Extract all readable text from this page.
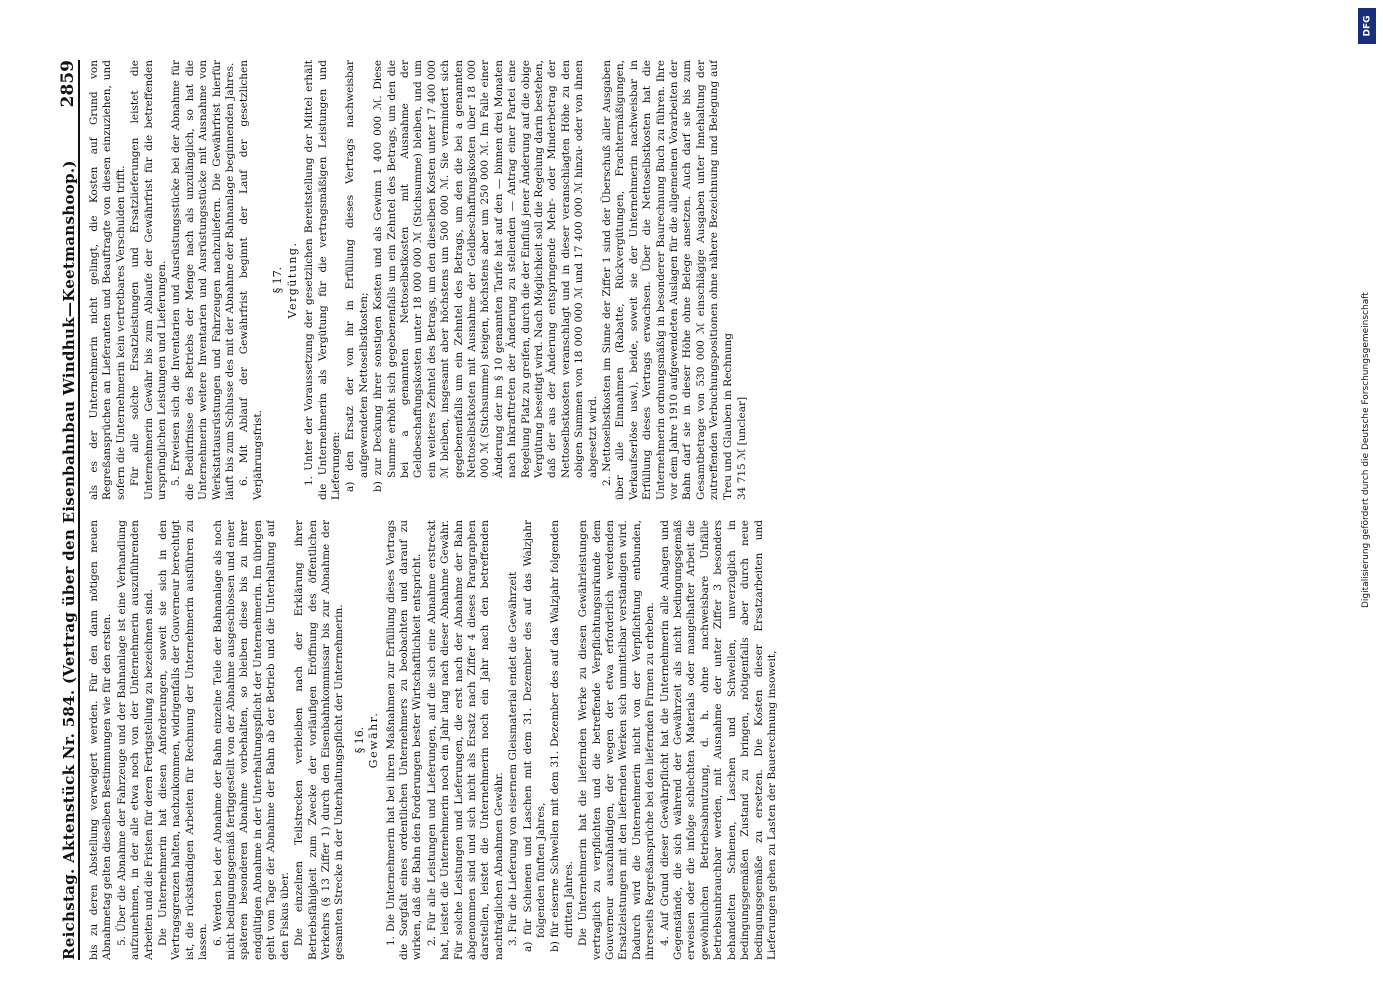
Reichstag. Aktenstück Nr. 584. (Vertrag über den Eisenbahnbau Windhuk—Keetmanshoop.)
2859

bis zu deren Abstellung verweigert werden. Für den dann nötigen neuen Abnahmetag gelten dieselben Bestimmungen wie für den ersten. 5. Über die Abnahme der Fahrzeuge und der Bahnanlage ist eine Verhandlung aufzunehmen, in der alle etwa noch von der Unternehmerin auszuführenden Arbeiten und die Fristen für deren Fertigstellung zu bezeichnen sind. Die Unternehmerin hat diesen Anforderungen, soweit sie sich in den Vertragsgrenzen halten, nachzukommen, widrigenfalls der Gouverneur berechtigt ist, die rückständigen Arbeiten für Rechnung der Unternehmerin ausführen zu lassen. 6. Werden bei der Abnahme der Bahn einzelne Teile der Bahnanlage als noch nicht bedingungsgemäß fertiggestellt von der Abnahme ausgeschlossen und einer späteren besonderen Abnahme vorbehalten, so bleiben diese bis zu ihrer endgültigen Abnahme in der Unterhaltungspflicht der Unternehmerin. Im übrigen geht vom Tage der Abnahme der Bahn ab der Betrieb und die Unterhaltung auf den Fiskus über. Die einzelnen Teilstrecken verbleiben nach der Erklärung ihrer Betriebsfähigkeit zum Zwecke der vorläufigen Eröffnung des öffentlichen Verkehrs (§ 13 Ziffer 1) durch den Eisenbahnkommissar bis zur Abnahme der gesamten Strecke in der Unterhaltungspflicht der Unternehmerin. § 16. Gewähr. 1. Die Unternehmerin hat bei ihren Maßnahmen zur Erfüllung dieses Vertrags die Sorgfalt eines ordentlichen Unternehmers zu beobachten und darauf zu wirken, daß die Bahn den Forderungen bester Wirtschaftlichkeit entspricht. 2. Für alle Leistungen und Lieferungen, auf die sich eine Abnahme erstreckt hat, leistet die Unternehmerin noch ein Jahr lang nach dieser Abnahme Gewähr. Für solche Leistungen und Lieferungen, die erst nach der Abnahme der Bahn abgenommen sind und sich nicht als Ersatz nach Ziffer 4 dieses Paragraphen darstellen, leistet die Unternehmerin noch ein Jahr nach den betreffenden nachträglichen Abnahmen Gewähr. 3. Für die Lieferung von eisernem Gleismaterial endet die Gewährzeit a) für Schienen und Laschen mit dem 31. Dezember des auf das Walzjahr folgenden fünften Jahres, b) für eiserne Schwellen mit dem 31. Dezember des auf das Walzjahr folgenden dritten Jahres. Die Unternehmerin hat die liefernden Werke zu diesen Gewährleistungen vertraglich zu verpflichten und die betreffende Verpflichtungsurkunde dem Gouverneur auszuhändigen, der wegen der etwa erforderlich werdenden Ersatzleistungen mit den liefernden Werken sich unmittelbar verständigen wird. Dadurch wird die Unternehmerin nicht von der Verpflichtung entbunden, ihrerseits Regreßansprüche bei den liefernden Firmen zu erheben. 4. Auf Grund dieser Gewährpflicht hat die Unternehmerin alle Anlagen und Gegenstände, die sich während der Gewährzeit als nicht bedingungsgemäß erweisen oder die infolge schlechten Materials oder mangelhafter Arbeit die gewöhnlichen Betriebsabnutzung, d. h. ohne nachweisbare Unfälle betriebsunbrauchbar werden, mit Ausnahme der unter Ziffer 3 besonders behandelten Schienen, Laschen und Schwellen, unverzüglich in bedingungsgemäßen Zustand zu bringen, nötigenfalls aber durch neue bedingungsgemäße zu ersetzen. Die Kosten dieser Ersatzarbeiten und Lieferungen gehen zu Lasten der Bauerechnung insoweit,

als es der Unternehmerin nicht gelingt, die Kosten auf Grund von Regreßansprüchen an Lieferanten und Beauftragte von diesen einzuziehen, und sofern die Unternehmerin kein vertretbares Verschulden trifft. Für alle solche Ersatzleistungen und Ersatzlieferungen leistet die Unternehmerin Gewähr bis zum Ablaufe der Gewährfrist für die betreffenden ursprünglichen Leistungen und Lieferungen. 5. Erweisen sich die Inventarien und Ausrüstungsstücke bei der Abnahme für die Bedürfnisse des Betriebs der Menge nach als unzulänglich, so hat die Unternehmerin weitere Inventarien und Ausrüstungsstücke mit Ausnahme von Werkstattausrüstungen und Fahrzeugen nachzuliefern. Die Gewährfrist hierfür läuft bis zum Schlusse des mit der Abnahme der Bahnanlage beginnenden Jahres. 6. Mit Ablauf der Gewährfrist beginnt der Lauf der gesetzlichen Verjährungsfrist.

§ 17. Vergütung. 1. Unter der Voraussetzung der gesetzlichen Bereitstellung der Mittel erhält die Unternehmerin als Vergütung für die vertragsmäßigen Leistungen und Lieferungen: a) den Ersatz der von ihr in Erfüllung dieses Vertrags nachweisbar aufgewendeten Nettoselbstkosten; b) zur Deckung ihrer sonstigen Kosten und als Gewinn 1 400 000 ℳ. Diese Summe erhöht sich gegebenenfalls um ein Zehntel des Betrags, um den die bei a genannten Nettoselbstkosten mit Ausnahme der Geldbeschaffungskosten unter 18 000 000 ℳ (Stichsumme) bleiben, und um ein weiteres Zehntel des Betrags, um den dieselben Kosten unter 17 400 000 ℳ bleiben, insgesamt aber höchstens um 500 000 ℳ. Sie vermindert sich gegebenenfalls um ein Zehntel des Betrags, um den die bei a genannten Nettoselbstkosten mit Ausnahme der Geldbeschaffungskosten über 18 000 000 ℳ (Stichsumme) steigen, höchstens aber um 250 000 ℳ. Im Falle einer Änderung der im § 10 genannten Tarife hat auf den — binnen drei Monaten nach Inkrafttreten der Änderung zu stellenden — Antrag einer Partei eine Regelung Platz zu greifen, durch die der Einfluß jener Änderung auf die obige Vergütung beseitigt wird. Nach Möglichkeit soll die Regelung darin bestehen, daß der aus der Änderung entspringende Mehr- oder Minderbetrag der Nettoselbstkosten veranschlagt und in dieser veranschlagten Höhe zu den obigen Summen von 18 000 000 ℳ und 17 400 000 ℳ hinzu- oder von ihnen abgesetzt wird. 2. Nettoselbstkosten im Sinne der Ziffer 1 sind der Überschuß aller Ausgaben über alle Einnahmen (Rabatte, Rückvergütungen, Frachtermäßigungen, Verkaufserlöse usw.), beide, soweit sie der Unternehmerin nachweisbar in Erfüllung dieses Vertrags erwachsen. Über die Nettoselbstkosten hat die Unternehmerin ordnungsmäßig in besonderer Baurechnung Buch zu führen. Ihre vor dem Jahre 1910 aufgewendeten Auslagen für die allgemeinen Vorarbeiten der Bahn darf sie in dieser Höhe ohne Belege ansetzen. Auch darf sie bis zum Gesamtbetrage von 530 000 ℳ einschlägige Ausgaben unter Innehaltung der zutreffenden Verbuchungspositionen ohne nähere Bezeichnung und Belegung auf Treu und Glauben in Rechnung 34 715 ℳ [unclear]

DFG
Digitalisierung gefördert durch die Deutsche Forschungsgemeinschaft
